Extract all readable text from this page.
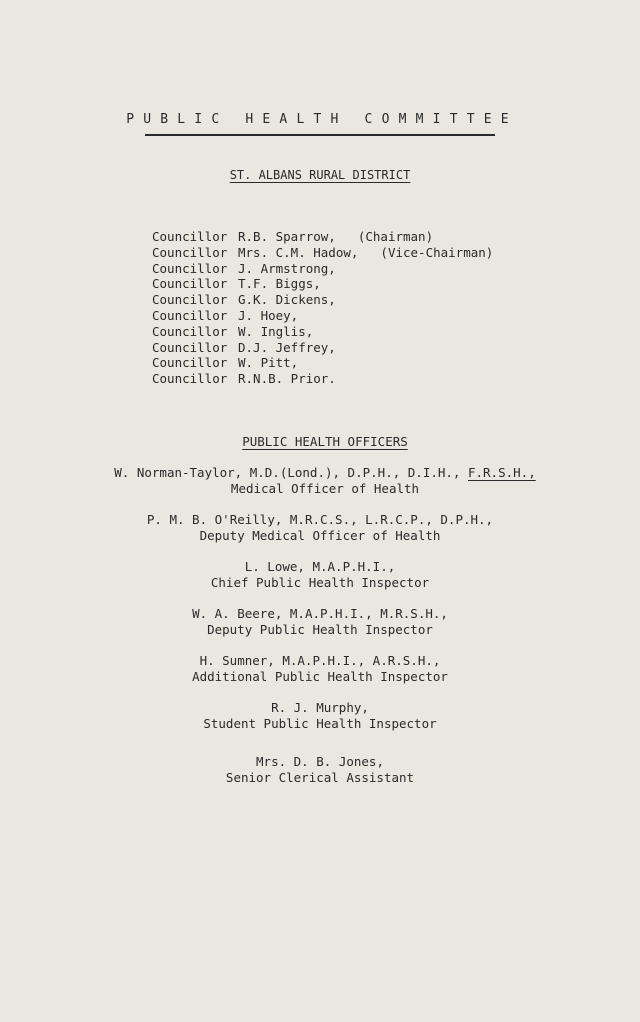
PUBLIC HEALTH COMMITTEE
ST. ALBANS RURAL DISTRICT
Councillor R.B. Sparrow, (Chairman)
Councillor Mrs. C.M. Hadow, (Vice-Chairman)
Councillor J. Armstrong,
Councillor T.F. Biggs,
Councillor G.K. Dickens,
Councillor J. Hoey,
Councillor W. Inglis,
Councillor D.J. Jeffrey,
Councillor W. Pitt,
Councillor R.N.B. Prior.
PUBLIC HEALTH OFFICERS
W. Norman-Taylor, M.D.(Lond.), D.P.H., D.I.H., F.R.S.H.,
Medical Officer of Health
P. M. B. O'Reilly, M.R.C.S., L.R.C.P., D.P.H.,
Deputy Medical Officer of Health
L. Lowe, M.A.P.H.I.,
Chief Public Health Inspector
W. A. Beere, M.A.P.H.I., M.R.S.H.,
Deputy Public Health Inspector
H. Sumner, M.A.P.H.I., A.R.S.H.,
Additional Public Health Inspector
R. J. Murphy,
Student Public Health Inspector
Mrs. D. B. Jones,
Senior Clerical Assistant
